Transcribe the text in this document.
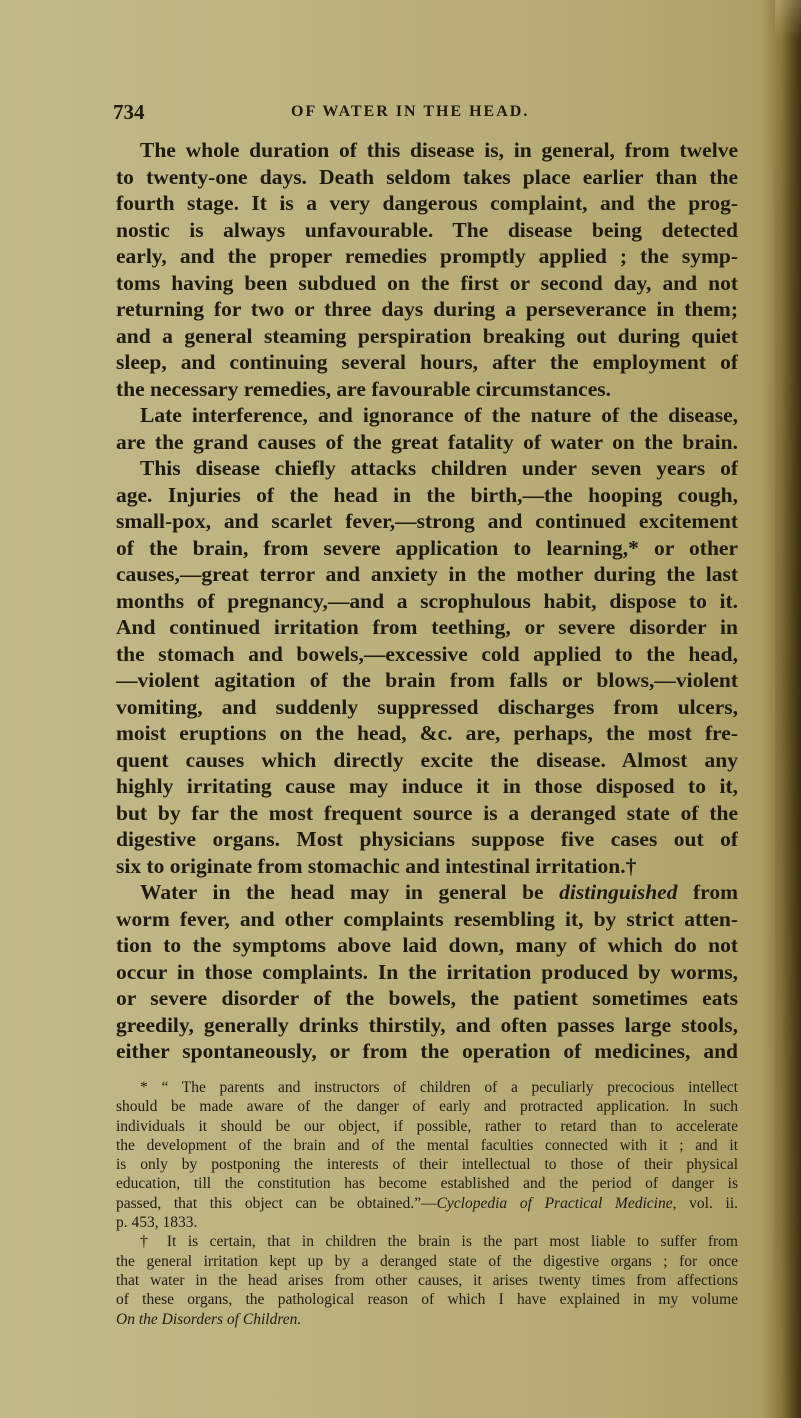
734	OF WATER IN THE HEAD.
The whole duration of this disease is, in general, from twelve
to twenty-one days. Death seldom takes place earlier than the
fourth stage. It is a very dangerous complaint, and the prog-
nostic is always unfavourable. The disease being detected
early, and the proper remedies promptly applied ; the symp-
toms having been subdued on the first or second day, and not
returning for two or three days during a perseverance in them;
and a general steaming perspiration breaking out during quiet
sleep, and continuing several hours, after the employment of
the necessary remedies, are favourable circumstances.
Late interference, and ignorance of the nature of the disease,
are the grand causes of the great fatality of water on the brain.
This disease chiefly attacks children under seven years of
age. Injuries of the head in the birth,—the hooping cough,
small-pox, and scarlet fever,—strong and continued excitement
of the brain, from severe application to learning,* or other
causes,—great terror and anxiety in the mother during the last
months of pregnancy,—and a scrophulous habit, dispose to it.
And continued irritation from teething, or severe disorder in
the stomach and bowels,—excessive cold applied to the head,
—violent agitation of the brain from falls or blows,—violent
vomiting, and suddenly suppressed discharges from ulcers,
moist eruptions on the head, &c. are, perhaps, the most fre-
quent causes which directly excite the disease. Almost any
highly irritating cause may induce it in those disposed to it,
but by far the most frequent source is a deranged state of the
digestive organs. Most physicians suppose five cases out of
six to originate from stomachic and intestinal irritation.†
Water in the head may in general be distinguished from
worm fever, and other complaints resembling it, by strict atten-
tion to the symptoms above laid down, many of which do not
occur in those complaints. In the irritation produced by worms,
or severe disorder of the bowels, the patient sometimes eats
greedily, generally drinks thirstily, and often passes large stools,
either spontaneously, or from the operation of medicines, and
* “ The parents and instructors of children of a peculiarly precocious intellect
should be made aware of the danger of early and protracted application. In such
individuals it should be our object, if possible, rather to retard than to accelerate
the development of the brain and of the mental faculties connected with it ; and it
is only by postponing the interests of their intellectual to those of their physical
education, till the constitution has become established and the period of danger is
passed, that this object can be obtained.”—Cyclopedia of Practical Medicine, vol. ii.
p. 453, 1833.
† It is certain, that in children the brain is the part most liable to suffer from
the general irritation kept up by a deranged state of the digestive organs ; for once
that water in the head arises from other causes, it arises twenty times from affections
of these organs, the pathological reason of which I have explained in my volume
On the Disorders of Children.
